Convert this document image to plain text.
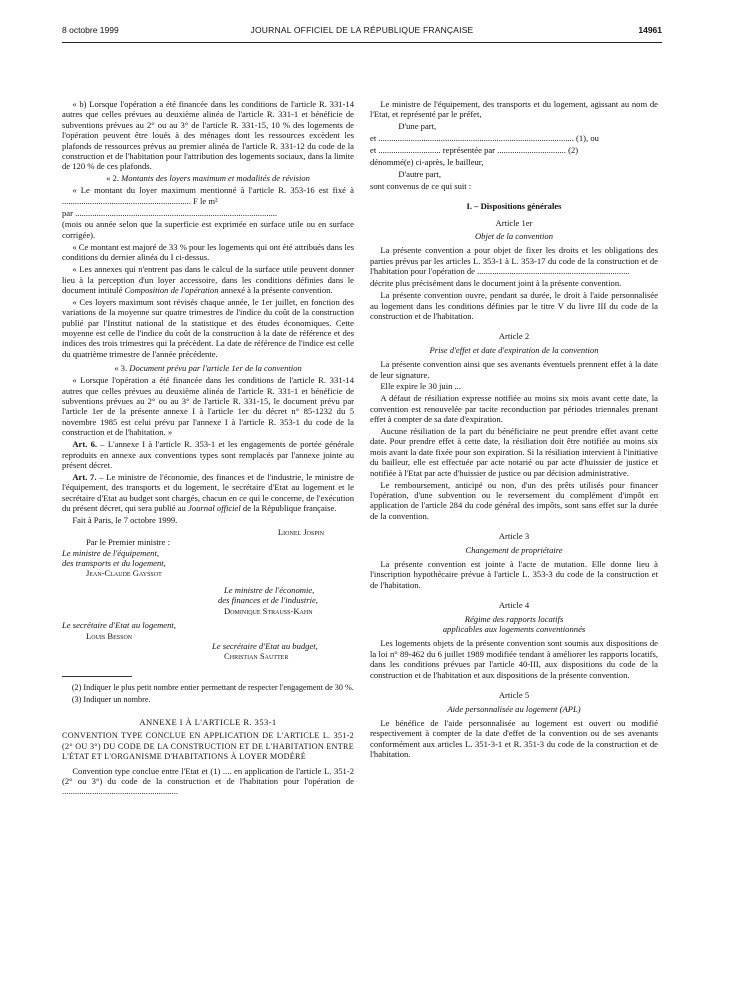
8 octobre 1999	JOURNAL OFFICIEL DE LA RÉPUBLIQUE FRANÇAISE	14961

« b) Lorsque l'opération a été financée dans les conditions de l'article R. 331-14 autres que celles prévues au deuxième alinéa de l'article R. 331-1 et bénéficie de subventions prévues au 2° ou au 3° de l'article R. 331-15, 10 % des logements de l'opération peuvent être loués à des ménages dont les ressources excèdent les plafonds de ressources prévus au premier alinéa de l'article R. 331-12 du code de la construction et de l'habitation pour l'attribution des logements sociaux, dans la limite de 120 % de ces plafonds.

« 2. Montants des loyers maximum et modalités de révision

« Le montant du loyer maximum mentionné à l'article R. 353-16 est fixé à ............................................................ F le m²

par ..............................................................................................

(mois ou année selon que la superficie est exprimée en surface utile ou en surface corrigée).

« Ce montant est majoré de 33 % pour les logements qui ont été attribués dans les conditions du dernier alinéa du I ci-dessus.

« Les annexes qui n'entrent pas dans le calcul de la surface utile peuvent donner lieu à la perception d'un loyer accessoire, dans les conditions définies dans le document intitulé Composition de l'opération annexé à la présente convention.

« Ces loyers maximum sont révisés chaque année, le 1er juillet, en fonction des variations de la moyenne sur quatre trimestres de l'indice du coût de la construction publié par l'Institut national de la statistique et des études économiques. Cette moyenne est celle de l'indice du coût de la construction à la date de référence et des indices des trois trimestres qui la précèdent. La date de référence de l'indice est celle du quatrième trimestre de l'année précédente.

« 3. Document prévu par l'article 1er de la convention

« Lorsque l'opération a été financée dans les conditions de l'article R. 331-14 autres que celles prévues au deuxième alinéa de l'article R. 331-1 et bénéficie de subventions prévues au 2° ou au 3° de l'article R. 331-15, le document prévu par l'article 1er de la présente annexe I à l'article 1er du décret n° 85-1232 du 5 novembre 1985 est celui prévu par l'annexe I à l'article R. 353-1 du code de la construction et de l'habitation. »

Art. 6. – L'annexe I à l'article R. 353-1 et les engagements de portée générale reproduits en annexe aux conventions types sont remplacés par l'annexe jointe au présent décret.

Art. 7. – Le ministre de l'économie, des finances et de l'industrie, le ministre de l'équipement, des transports et du logement, le secrétaire d'Etat au logement et le secrétaire d'Etat au budget sont chargés, chacun en ce qui le concerne, de l'exécution du présent décret, qui sera publié au Journal officiel de la République française.

Fait à Paris, le 7 octobre 1999.

Lionel Jospin

Par le Premier ministre :

Le ministre de l'équipement,

des transports et du logement,

Jean-Claude Gayssot

Le ministre de l'économie,

des finances et de l'industrie,

Dominique Strauss-Kahn

Le secrétaire d'Etat au logement,

Louis Besson

Le secrétaire d'Etat au budget,

Christian Sautter

(2) Indiquer le plus petit nombre entier permettant de respecter l'engagement de 30 %.

(3) Indiquer un nombre.

ANNEXE I À L'ARTICLE R. 353-1

CONVENTION TYPE CONCLUE EN APPLICATION DE L'ARTICLE L. 351-2 (2° OU 3°) DU CODE DE LA CONSTRUCTION ET DE L'HABITATION ENTRE L'ÉTAT ET L'ORGANISME D'HABITATIONS À LOYER MODÉRÉ

Convention type conclue entre l'Etat et (1) .... en application de l'article L. 351-2 (2° ou 3°) du code de la construction et de l'habitation pour l'opération de ......................................................

Le ministre de l'équipement, des transports et du logement, agissant au nom de l'Etat, et représenté par le préfet,

D'une part,

et ........................................................................................... (1), ou

et ............................. représentée par ................................ (2)

dénommé(e) ci-après, le bailleur,

D'autre part,

sont convenus de ce qui suit :

I. – Dispositions générales

Article 1er

Objet de la convention

La présente convention a pour objet de fixer les droits et les obligations des parties prévus par les articles L. 353-1 à L. 353-17 du code de la construction et de l'habitation pour l'opération de .......................................................................

décrite plus précisément dans le document joint à la présente convention.

La présente convention ouvre, pendant sa durée, le droit à l'aide personnalisée au logement dans les conditions définies par le titre V du livre III du code de la construction et de l'habitation.

Article 2

Prise d'effet et date d'expiration de la convention

La présente convention ainsi que ses avenants éventuels prennent effet à la date de leur signature.

Elle expire le 30 juin ...

A défaut de résiliation expresse notifiée au moins six mois avant cette date, la convention est renouvelée par tacite reconduction par périodes triennales prenant effet à compter de sa date d'expiration.

Aucune résiliation de la part du bénéficiaire ne peut prendre effet avant cette date. Pour prendre effet à cette date, la résiliation doit être notifiée au moins six mois avant la date fixée pour son expiration. Si la résiliation intervient à l'initiative du bailleur, elle est effectuée par acte notarié ou par acte d'huissier de justice et notifiée à l'Etat par acte d'huissier de justice ou par décision administrative.

Le remboursement, anticipé ou non, d'un des prêts utilisés pour financer l'opération, d'une subvention ou le reversement du complément d'impôt en application de l'article 284 du code général des impôts, sont sans effet sur la durée de la convention.

Article 3

Changement de propriétaire

La présente convention est jointe à l'acte de mutation. Elle donne lieu à l'inscription hypothécaire prévue à l'article L. 353-3 du code de la construction et de l'habitation.

Article 4

Régime des rapports locatifs

applicables aux logements conventionnés

Les logements objets de la présente convention sont soumis aux dispositions de la loi n° 89-462 du 6 juillet 1989 modifiée tendant à améliorer les rapports locatifs, dans les conditions prévues par l'article 40-III, aux dispositions du code de la construction et de l'habitation et aux dispositions de la présente convention.

Article 5

Aide personnalisée au logement (APL)

Le bénéfice de l'aide personnalisée au logement est ouvert ou modifié respectivement à compter de la date d'effet de la convention ou de ses avenants conformément aux articles L. 351-3-1 et R. 351-3 du code de la construction et de l'habitation.
